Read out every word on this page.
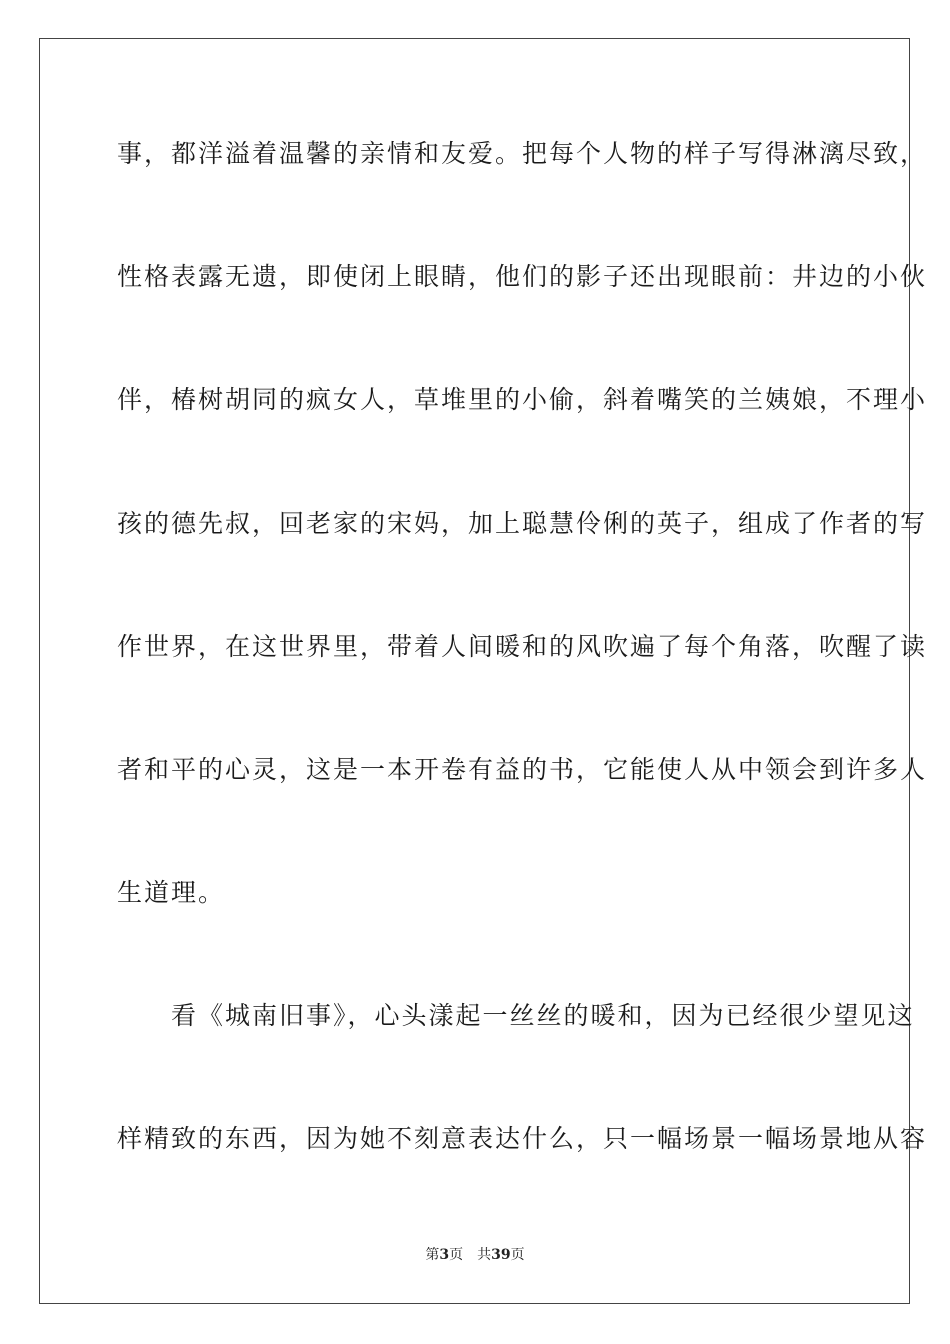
事，都洋溢着温馨的亲情和友爱。把每个人物的样子写得淋漓尽致，
性格表露无遗，即使闭上眼睛，他们的影子还出现眼前：井边的小伙
伴，椿树胡同的疯女人，草堆里的小偷，斜着嘴笑的兰姨娘，不理小
孩的德先叔，回老家的宋妈，加上聪慧伶俐的英子，组成了作者的写
作世界，在这世界里，带着人间暖和的风吹遍了每个角落，吹醒了读
者和平的心灵，这是一本开卷有益的书，它能使人从中领会到许多人
生道理。
　　看《城南旧事》，心头漾起一丝丝的暖和，因为已经很少望见这
样精致的东西，因为她不刻意表达什么，只一幅场景一幅场景地从容
第3页 共39页
